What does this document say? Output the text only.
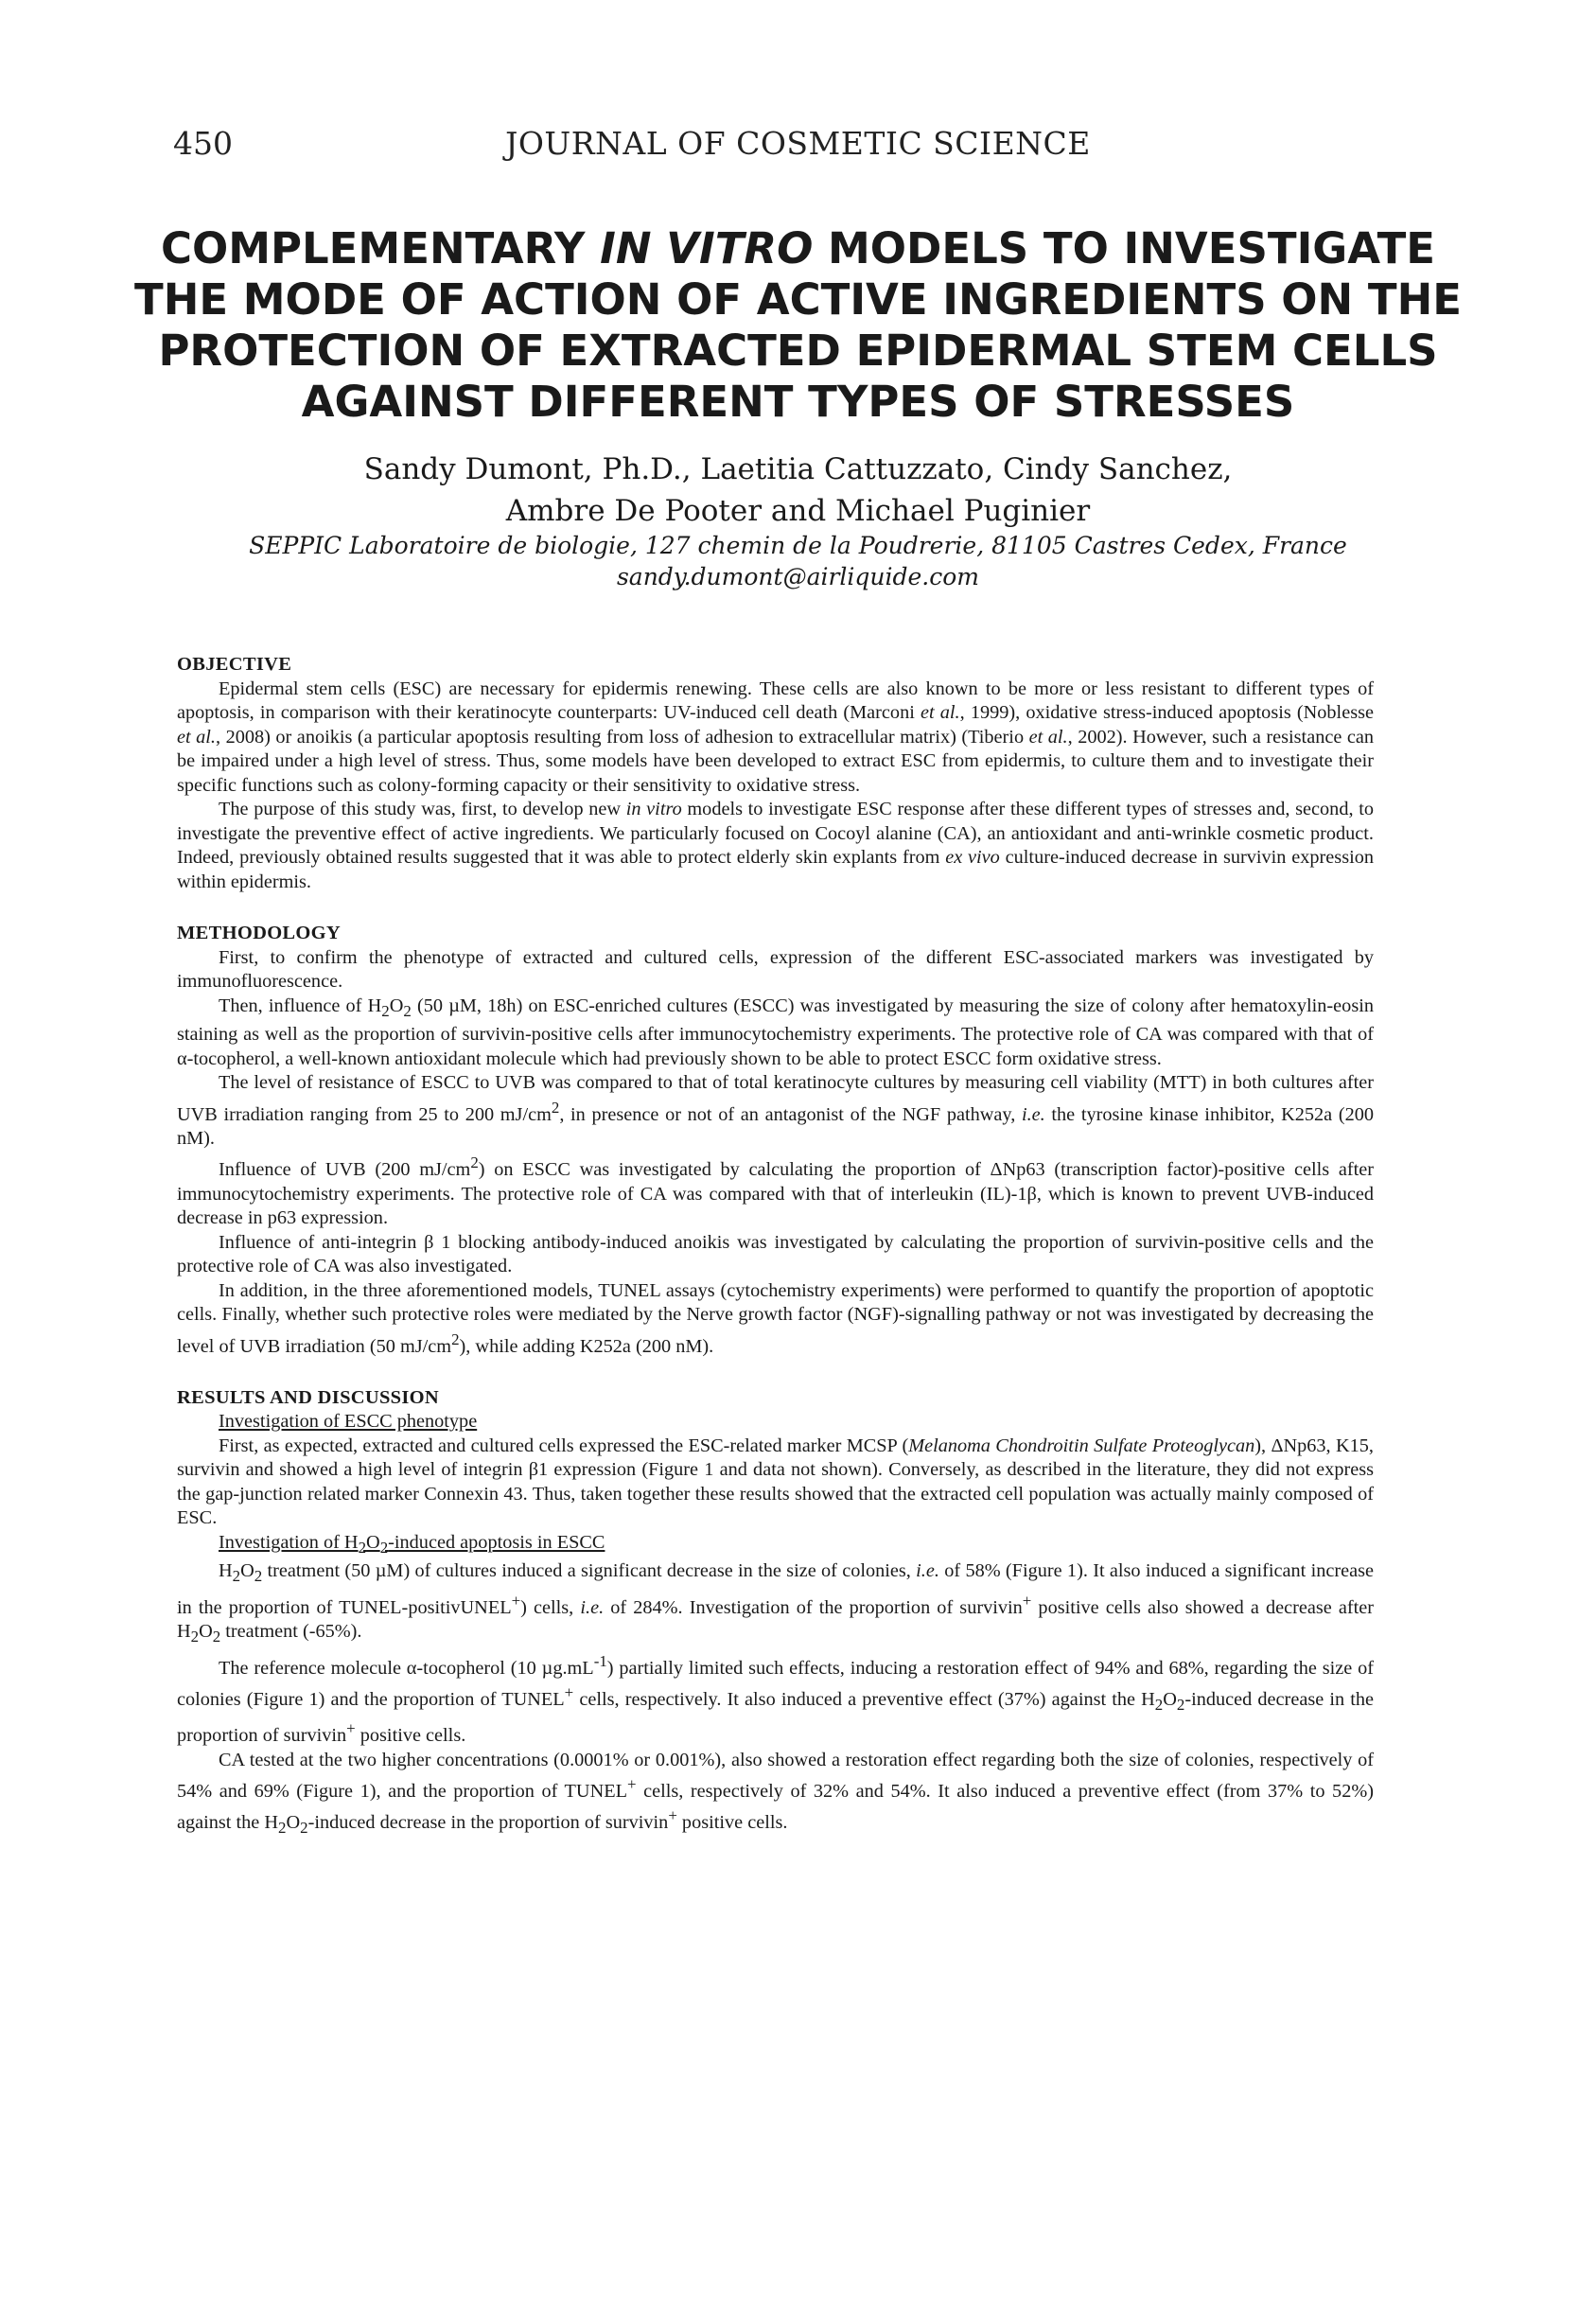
450	JOURNAL OF COSMETIC SCIENCE
COMPLEMENTARY IN VITRO MODELS TO INVESTIGATE
THE MODE OF ACTION OF ACTIVE INGREDIENTS ON THE
PROTECTION OF EXTRACTED EPIDERMAL STEM CELLS
AGAINST DIFFERENT TYPES OF STRESSES
Sandy Dumont, Ph.D., Laetitia Cattuzzato, Cindy Sanchez,
Ambre De Pooter and Michael Puginier
SEPPIC Laboratoire de biologie, 127 chemin de la Poudrerie, 81105 Castres Cedex, France
sandy.dumont@airliquide.com
OBJECTIVE

Epidermal stem cells (ESC) are necessary for epidermis renewing. These cells are also known to be more or less resistant to different types of apoptosis, in comparison with their keratinocyte counterparts: UV-induced cell death (Marconi et al., 1999), oxidative stress-induced apoptosis (Noblesse et al., 2008) or anoikis (a particular apoptosis resulting from loss of adhesion to extracellular matrix) (Tiberio et al., 2002). However, such a resistance can be impaired under a high level of stress. Thus, some models have been developed to extract ESC from epidermis, to culture them and to investigate their specific functions such as colony-forming capacity or their sensitivity to oxidative stress.

The purpose of this study was, first, to develop new in vitro models to investigate ESC response after these different types of stresses and, second, to investigate the preventive effect of active ingredients. We particularly focused on Cocoyl alanine (CA), an antioxidant and anti-wrinkle cosmetic product. Indeed, previously obtained results suggested that it was able to protect elderly skin explants from ex vivo culture-induced decrease in survivin expression within epidermis.

METHODOLOGY

First, to confirm the phenotype of extracted and cultured cells, expression of the different ESC-associated markers was investigated by immunofluorescence.

Then, influence of $H_2O_2$ (50 µM, 18h) on ESC-enriched cultures (ESCC) was investigated by measuring the size of colony after hematoxylin-eosin staining as well as the proportion of survivin-positive cells after immunocytochemistry experiments. The protective role of CA was compared with that of α-tocopherol, a well-known antioxidant molecule which had previously shown to be able to protect ESCC form oxidative stress.

The level of resistance of ESCC to UVB was compared to that of total keratinocyte cultures by measuring cell viability (MTT) in both cultures after UVB irradiation ranging from 25 to 200 $mJ/cm^2$, in presence or not of an antagonist of the NGF pathway, i.e. the tyrosine kinase inhibitor, K252a (200 nM).

Influence of UVB (200 $mJ/cm^2$) on ESCC was investigated by calculating the proportion of ΔNp63 (transcription factor)-positive cells after immunocytochemistry experiments. The protective role of CA was compared with that of interleukin (IL)-1β, which is known to prevent UVB-induced decrease in p63 expression.

Influence of anti-integrin β 1 blocking antibody-induced anoikis was investigated by calculating the proportion of survivin-positive cells and the protective role of CA was also investigated.

In addition, in the three aforementioned models, TUNEL assays (cytochemistry experiments) were performed to quantify the proportion of apoptotic cells. Finally, whether such protective roles were mediated by the Nerve growth factor (NGF)-signalling pathway or not was investigated by decreasing the level of UVB irradiation (50 $mJ/cm^2$), while adding K252a (200 nM).

RESULTS AND DISCUSSION

Investigation of ESCC phenotype

First, as expected, extracted and cultured cells expressed the ESC-related marker MCSP (Melanoma Chondroitin Sulfate Proteoglycan), ΔNp63, K15, survivin and showed a high level of integrin β1 expression (Figure 1 and data not shown). Conversely, as described in the literature, they did not express the gap-junction related marker Connexin 43. Thus, taken together these results showed that the extracted cell population was actually mainly composed of ESC.

Investigation of $H_2O_2$-induced apoptosis in ESCC

$H_2O_2$ treatment (50 µM) of cultures induced a significant decrease in the size of colonies, i.e. of 58% (Figure 1). It also induced a significant increase in the proportion of TUNEL-positivUNEL+) cells, i.e. of 284%. Investigation of the proportion of survivin+ positive cells also showed a decrease after $H_2O_2$ treatment (-65%).

The reference molecule α-tocopherol (10 $\mu g.mL^{-1}$) partially limited such effects, inducing a restoration effect of 94% and 68%, regarding the size of colonies (Figure 1) and the proportion of TUNEL+ cells, respectively. It also induced a preventive effect (37%) against the $H_2O_2$-induced decrease in the proportion of survivin+ positive cells.

CA tested at the two higher concentrations (0.0001% or 0.001%), also showed a restoration effect regarding both the size of colonies, respectively of 54% and 69% (Figure 1), and the proportion of TUNEL+ cells, respectively of 32% and 54%. It also induced a preventive effect (from 37% to 52%) against the $H_2O_2$-induced decrease in the proportion of survivin+ positive cells.
